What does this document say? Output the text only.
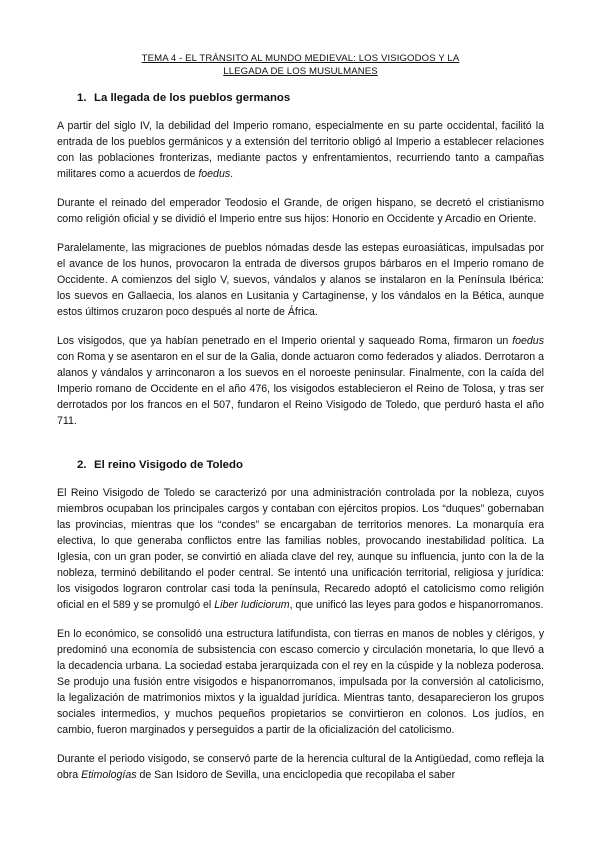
TEMA 4 - EL TRÁNSITO AL MUNDO MEDIEVAL: LOS VISIGODOS Y LA
LLEGADA DE LOS MUSULMANES
1. La llegada de los pueblos germanos

A partir del siglo IV, la debilidad del Imperio romano, especialmente en su parte occidental, facilitó la entrada de los pueblos germánicos y a extensión del territorio obligó al Imperio a establecer relaciones con las poblaciones fronterizas, mediante pactos y enfrentamientos, recurriendo tanto a campañas militares como a acuerdos de foedus.

Durante el reinado del emperador Teodosio el Grande, de origen hispano, se decretó el cristianismo como religión oficial y se dividió el Imperio entre sus hijos: Honorio en Occidente y Arcadio en Oriente.

Paralelamente, las migraciones de pueblos nómadas desde las estepas euroasiáticas, impulsadas por el avance de los hunos, provocaron la entrada de diversos grupos bárbaros en el Imperio romano de Occidente. A comienzos del siglo V, suevos, vándalos y alanos se instalaron en la Península Ibérica: los suevos en Gallaecia, los alanos en Lusitania y Cartaginense, y los vándalos en la Bética, aunque estos últimos cruzaron poco después al norte de África.

Los visigodos, que ya habían penetrado en el Imperio oriental y saqueado Roma, firmaron un foedus con Roma y se asentaron en el sur de la Galia, donde actuaron como federados y aliados. Derrotaron a alanos y vándalos y arrinconaron a los suevos en el noroeste peninsular. Finalmente, con la caída del Imperio romano de Occidente en el año 476, los visigodos establecieron el Reino de Tolosa, y tras ser derrotados por los francos en el 507, fundaron el Reino Visigodo de Toledo, que perduró hasta el año 711.

2. El reino Visigodo de Toledo

El Reino Visigodo de Toledo se caracterizó por una administración controlada por la nobleza, cuyos miembros ocupaban los principales cargos y contaban con ejércitos propios. Los “duques” gobernaban las provincias, mientras que los “condes” se encargaban de territorios menores. La monarquía era electiva, lo que generaba conflictos entre las familias nobles, provocando inestabilidad política. La Iglesia, con un gran poder, se convirtió en aliada clave del rey, aunque su influencia, junto con la de la nobleza, terminó debilitando el poder central. Se intentó una unificación territorial, religiosa y jurídica: los visigodos lograron controlar casi toda la península, Recaredo adoptó el catolicismo como religión oficial en el 589 y se promulgó el Liber Iudiciorum, que unificó las leyes para godos e hispanorromanos.

En lo económico, se consolidó una estructura latifundista, con tierras en manos de nobles y clérigos, y predominó una economía de subsistencia con escaso comercio y circulación monetaria, lo que llevó a la decadencia urbana. La sociedad estaba jerarquizada con el rey en la cúspide y la nobleza poderosa. Se produjo una fusión entre visigodos e hispanorromanos, impulsada por la conversión al catolicismo, la legalización de matrimonios mixtos y la igualdad jurídica. Mientras tanto, desaparecieron los grupos sociales intermedios, y muchos pequeños propietarios se convirtieron en colonos. Los judíos, en cambio, fueron marginados y perseguidos a partir de la oficialización del catolicismo.

Durante el periodo visigodo, se conservó parte de la herencia cultural de la Antigüedad, como refleja la obra Etimologías de San Isidoro de Sevilla, una enciclopedia que recopilaba el saber
